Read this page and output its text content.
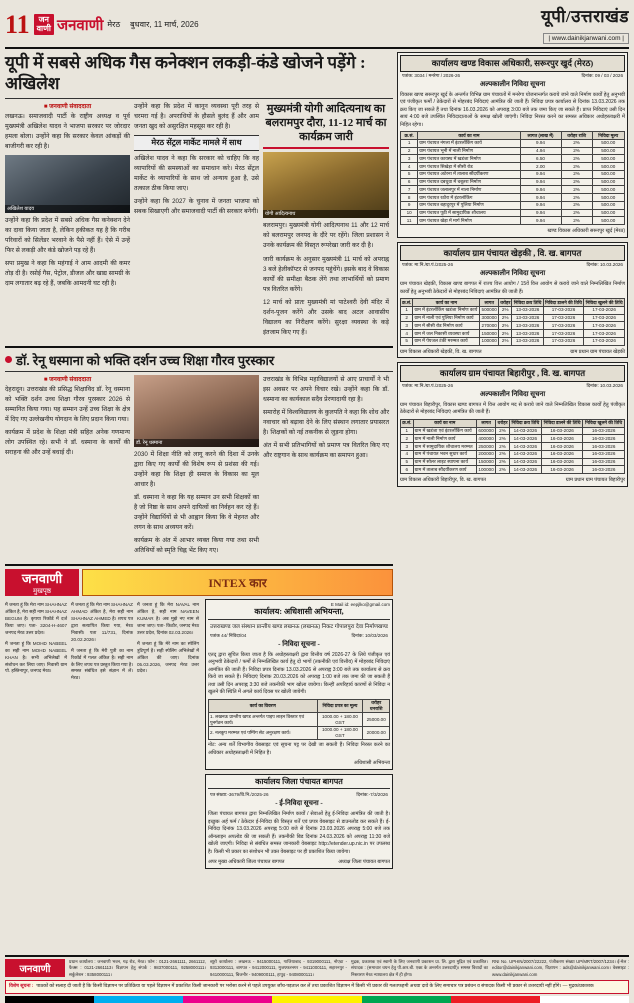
11	जन
वाणी जनवाणी मेरठ बुधवार, 11 मार्च, 2026	यूपी/उत्तराखंड
| www.dainikjanwani.com |
यूपी में सबसे अधिक गैस कनेक्शन लकड़ी-कंडे खोजने पड़ेंगे : अखिलेश
■ जनवाणी संवाददाता

लखनऊ। समाजवादी पार्टी के राष्ट्रीय अध्यक्ष व पूर्व मुख्यमंत्री अखिलेश यादव ने भाजपा सरकार पर जोरदार हमला बोला। उन्होंने कहा कि सरकार केवल आंकड़ों की बाजीगरी कर रही है।

अखिलेश यादव

उन्होंने कहा कि प्रदेश में सबसे अधिक गैस कनेक्शन देने का दावा किया जाता है, लेकिन हकीकत यह है कि गरीब परिवारों को सिलेंडर भरवाने के पैसे नहीं हैं। ऐसे में उन्हें फिर से लकड़ी और कंडे खोजने पड़ रहे हैं।

सपा प्रमुख ने कहा कि महंगाई ने आम आदमी की कमर तोड़ दी है। रसोई गैस, पेट्रोल, डीजल और खाद्य सामग्री के दाम लगातार बढ़ रहे हैं, जबकि आमदनी घट रही है।

उन्होंने कहा कि प्रदेश में कानून व्यवस्था पूरी तरह से चरमरा गई है। अपराधियों के हौसले बुलंद हैं और आम जनता खुद को असुरक्षित महसूस कर रही है।

मेरठ सेंट्रल मार्केट मामले में साथ

अखिलेश यादव ने कहा कि सरकार को चाहिए कि वह व्यापारियों की समस्याओं का समाधान करे। मेरठ सेंट्रल मार्केट के व्यापारियों के साथ जो अन्याय हुआ है, उसे तत्काल ठीक किया जाए।

उन्होंने कहा कि 2027 के चुनाव में जनता भाजपा को सबक सिखाएगी और समाजवादी पार्टी की सरकार बनेगी।

मुख्यमंत्री योगी आदित्यनाथ का बलरामपुर दौरा, 11-12 मार्च का कार्यक्रम जारी
योगी आदित्यनाथ

बलरामपुर। मुख्यमंत्री योगी आदित्यनाथ 11 और 12 मार्च को बलरामपुर जनपद के दौरे पर रहेंगे। जिला प्रशासन ने उनके कार्यक्रम की विस्तृत रूपरेखा जारी कर दी है।

जारी कार्यक्रम के अनुसार मुख्यमंत्री 11 मार्च को अपराह्न 3 बजे हेलीकॉप्टर से जनपद पहुंचेंगे। इसके बाद वे विकास कार्यों की समीक्षा बैठक लेंगे तथा लाभार्थियों को प्रमाण पत्र वितरित करेंगे।

12 मार्च को प्रातः मुख्यमंत्री मां पाटेश्वरी देवी मंदिर में दर्शन-पूजन करेंगे और उसके बाद अटल आवासीय विद्यालय का निरीक्षण करेंगे। सुरक्षा व्यवस्था के कड़े इंतजाम किए गए हैं।

डॉ. रेनू धस्माना को भक्ति दर्शन उच्च शिक्षा गौरव पुरस्कार
■ जनवाणी संवाददाता

देहरादून। उत्तराखंड की प्रसिद्ध शिक्षाविद डॉ. रेनू धस्माना को भक्ति दर्शन उच्च शिक्षा गौरव पुरस्कार 2026 से सम्मानित किया गया। यह सम्मान उन्हें उच्च शिक्षा के क्षेत्र में दिए गए उल्लेखनीय योगदान के लिए प्रदान किया गया।

कार्यक्रम में प्रदेश के शिक्षा मंत्री सहित अनेक गणमान्य लोग उपस्थित रहे। सभी ने डॉ. धस्माना के कार्यों की सराहना की और उन्हें बधाई दी।

डॉ. रेनू धस्माना

2030 में शिक्षा नीति को लागू करने की दिशा में उनके द्वारा किए गए कार्यों की विशेष रूप से प्रशंसा की गई। उन्होंने कहा कि शिक्षा ही समाज के विकास का मूल आधार है।

डॉ. धस्माना ने कहा कि यह सम्मान उन सभी शिक्षकों का है जो निष्ठा के साथ अपने दायित्वों का निर्वहन कर रहे हैं। उन्होंने विद्यार्थियों से भी आह्वान किया कि वे मेहनत और लगन के साथ अध्ययन करें।

कार्यक्रम के अंत में आभार व्यक्त किया गया तथा सभी अतिथियों को स्मृति चिह्न भेंट किए गए।

उत्तराखंड के विभिन्न महाविद्यालयों से आए प्राचार्यों ने भी इस अवसर पर अपने विचार रखे। उन्होंने कहा कि डॉ. धस्माना का कार्यकाल सदैव प्रेरणादायी रहा है।

समारोह में विश्वविद्यालय के कुलपति ने कहा कि शोध और नवाचार को बढ़ावा देने के लिए संस्थान लगातार प्रयासरत है। शिक्षकों को नई तकनीक से जुड़ना होगा।

अंत में सभी प्रतिभागियों को प्रमाण पत्र वितरित किए गए और राष्ट्रगान के साथ कार्यक्रम का समापन हुआ।

जनवाणी
मुखपृष्ठ
INTEX कार
मैं जनता हूं कि मेरा नाम SHAHNAZ अंकित है, मेरा सही नाम SHAHNAZ BEGUM है। कृपया रिकॉर्ड में दर्ज किया जाए। पता- 3204-H-4607 जनपद मेरठ उत्तर प्रदेश।
मैं जनता हूं कि MOHD NABEEL का सही नाम MOHD NABEEL KHAN है। सभी अभिलेखों में संशोधन कर लिया जाए। निवासी ग्राम पो. हस्तिनापुर, जनपद मेरठ।
मैं जनता हूं कि मेरा नाम SHAHNAZ AHMAD अंकित है, मेरा सही नाम SHAHNAZ AHMED है। शपथ पत्र द्वारा सत्यापित किया गया, मेरठ निवासी। पता 11/731, दिनांक 20.02.2026।
मैं जनता हूं कि मेरी पुत्री का नाम रिकॉर्ड में गलत अंकित है। सही नाम के लिए शपथ पत्र प्रस्तुत किया गया है। समस्त संबंधित इसे संज्ञान में लें। मेरठ।
मैं जनता हूं कि मेरा NAVAL नाम अंकित है, सही नाम NAVEEN KUMAR है। अब मुझे नए नाम से जाना जाए। पता- किठौर, जनपद मेरठ उत्तर प्रदेश, दिनांक 02.03.2026।
मैं जनता हूं कि मेरे नाम का स्पेलिंग त्रुटिपूर्ण है। सही स्पेलिंग अभिलेखों में अंकित की जाए। दिनांक 05.03.2026, जनपद मेरठ उत्तर प्रदेश।
E Mail id: eepjlko@gmail.com
कार्यालय: अधिशासी अभियन्ता,
उत्तराखण्ड जल संस्थान प्रान्तीय खण्ड लखनऊ (लखनऊ) निकट गोपालपुरा देवा निर्माणखण्ड
पत्रांक 44/ निविदा/04	दिनांक: 10/03/2026
- निविदा सूचना -
एतद् द्वारा सूचित किया जाता है कि अधोहस्ताक्षरी द्वारा वित्तीय वर्ष 2026-27 के लिये पंजीकृत एवं अनुभवी ठेकेदारों / फर्मों से निम्नलिखित कार्य हेतु दो भागों (तकनीकी एवं वित्तीय) में मोहरबंद निविदाएं आमंत्रित की जाती हैं। निविदा प्रपत्र दिनांक 13.03.2026 से अपराह्न 3:00 बजे तक कार्यालय से क्रय किये जा सकते हैं। निविदाएं दिनांक 20.03.2026 को अपराह्न 1:00 बजे तक जमा की जा सकती हैं तथा उसी दिन अपराह्न 3:30 बजे तकनीकी भाग खोला जायेगा। किन्हीं अपरिहार्य कारणों से निविदा न खुलने की स्थिति में अगले कार्य दिवस पर खोली जायेगी।
कार्य का विवरण	निविदा प्रपत्र का मूल्य	धरोहर धनराशि
1. लखनऊ प्रान्तीय खण्ड अन्तर्गत पाइप लाइन विस्तार एवं पुनर्गठन कार्य।	1000.00 + 180.00 GST	25000.00
2. नलकूप मरम्मत एवं पम्पिंग सेट अनुरक्षण कार्य।	1000.00 + 180.00 GST	20000.00
नोट: अन्य शर्तें विभागीय वेबसाइट एवं सूचना पट्ट पर देखी जा सकती हैं। निविदा निरस्त करने का अधिकार अधोहस्ताक्षरी में निहित है।
अधिशासी अभियन्ता
कार्यालय जिला पंचायत बागपत
पत्र संख्या:-3679/वि.नि./2025-26	दिनांक:-7/3/2026
- ई-निविदा सूचना -
जिला पंचायत बागपत द्वारा निम्नलिखित निर्माण कार्यों / सेवाओं हेतु ई-निविदा आमंत्रित की जाती है। इच्छुक अर्ह फर्म / ठेकेदार ई-निविदा की विस्तृत शर्तें एवं प्रपत्र वेबसाइट से डाउनलोड कर सकते हैं। ई-निविदा दिनांक 13.03.2026 अपराह्न 5:00 बजे से दिनांक 23.03.2026 अपराह्न 5:00 बजे तक ऑनलाइन अपलोड की जा सकती हैं। तकनीकी बिड दिनांक 24.03.2026 को अपराह्न 11:30 बजे खोली जाएगी। निविदा से संबंधित समस्त जानकारी वेबसाइट http://etender.up.nic.in पर उपलब्ध है। किसी भी प्रकार का संशोधन भी उक्त वेबसाइट पर ही प्रकाशित किया जायेगा।
अपर मुख्य अधिकारी जिला पंचायत बागपत	अध्यक्ष जिला पंचायत बागपत
कार्यालय खण्ड विकास अधिकारी, सरूरपुर खुर्द (मेरठ)
पत्रांक: 3034 / मनरेगा / 2026-26	दिनांक: 09 / 03 / 2026
अल्पकालीन निविदा सूचना
विकास खण्ड सरूरपुर खुर्द के अन्तर्गत विभिन्न ग्राम पंचायतों में मनरेगा योजनान्तर्गत कराये जाने वाले निर्माण कार्यों हेतु अनुभवी एवं पंजीकृत फर्मों / ठेकेदारों से मोहरबंद निविदाएं आमंत्रित की जाती हैं। निविदा प्रपत्र कार्यालय से दिनांक 13.03.2026 तक क्रय किए जा सकते हैं तथा दिनांक 16.03.2026 को अपराह्न 3:00 बजे तक जमा किए जा सकते हैं। प्राप्त निविदाएं उसी दिन सायं 4:00 बजे उपस्थित निविदादाताओं के समक्ष खोली जाएंगी। निविदा निरस्त करने का समस्त अधिकार अधोहस्ताक्षरी में निहित रहेगा।
क्र.सं.	कार्य का नाम	लागत (लाख में)	धरोहर राशि	निविदा मूल्य
1	ग्राम पंचायत नंगला में इंटरलॉकिंग कार्य	9.94	2%	500.00
2	ग्राम पंचायत भूनी में नाली निर्माण	4.94	2%	500.00
3	ग्राम पंचायत कायस्थ में खडंजा निर्माण	6.50	2%	500.00
4	ग्राम पंचायत सिखेड़ा में सीसी रोड	2.00	2%	500.00
5	ग्राम पंचायत अटेरना में तालाब सौंदर्यीकरण	9.94	2%	500.00
6	ग्राम पंचायत दबथुवा में चबूतरा निर्माण	9.94	2%	500.00
7	ग्राम पंचायत जलालपुर में नाला निर्माण	9.94	2%	500.00
8	ग्राम पंचायत रठौरा में इंटरलॉकिंग	9.94	2%	500.00
9	ग्राम पंचायत बहादुरपुर में पुलिया निर्माण	9.94	2%	500.00
10	ग्राम पंचायत पूठी में सामुदायिक शौचालय	9.94	2%	500.00
11	ग्राम पंचायत खेड़ा में मार्ग निर्माण	9.94	2%	500.00
खण्ड विकास अधिकारी सरूरपुर खुर्द (मेरठ)
कार्यालय ग्राम पंचायत खेड़की , वि. ख. बागपत
पत्रांक: मा.नि./ग्रा.पं./2025-26	दिनांक: 10.03.2026
अल्पकालीन निविदा सूचना
ग्राम पंचायत खेड़की, विकास खण्ड बागपत में राज्य वित्त आयोग / 15वें वित्त आयोग से कराये जाने वाले निम्नलिखित निर्माण कार्यों हेतु अनुभवी ठेकेदारों से मोहरबंद निविदाएं आमंत्रित की जाती हैं।
क्र.सं.	कार्य का नाम	लागत	धरोहर	निविदा क्रय तिथि	निविदा डालने की तिथि	निविदा खुलने की तिथि
1	ग्राम में इंटरलॉकिंग खडंजा निर्माण कार्य	500000	2%	13-03-2026	17-03-2026	17-03-2026
2	ग्राम में नाली एवं पुलिया निर्माण कार्य	300000	2%	13-03-2026	17-03-2026	17-03-2026
3	ग्राम में सीसी रोड निर्माण कार्य	270000	2%	13-03-2026	17-03-2026	17-03-2026
4	ग्राम में जल निकासी व्यवस्था कार्य	150000	2%	13-03-2026	17-03-2026	17-03-2026
5	ग्राम में पेयजल टंकी मरम्मत कार्य	100000	2%	13-03-2026	17-03-2026	17-03-2026
ग्राम विकास अधिकारी खेड़की, वि. ख. बागपत	ग्राम प्रधान ग्राम पंचायत खेड़की
कार्यालय ग्राम पंचायत बिहारीपुर , वि. ख. बागपत
पत्रांक: मा.नि./ग्रा.पं./2025-26	दिनांक: 10.03.2026
अल्पकालीन निविदा सूचना
ग्राम पंचायत बिहारीपुर, विकास खण्ड बागपत में वित्त आयोग मद से कराये जाने वाले निम्नलिखित विकास कार्यों हेतु पंजीकृत ठेकेदारों से मोहरबंद निविदाएं आमंत्रित की जाती हैं।
क्र.सं.	कार्य का नाम	लागत	धरोहर	निविदा क्रय तिथि	निविदा डालने की तिथि	निविदा खुलने की तिथि
1	ग्राम में खडंजा एवं इंटरलॉकिंग कार्य	600000	2%	14-03-2026	16-03-2026	16-03-2026
2	ग्राम में नाली निर्माण कार्य	400000	2%	14-03-2026	16-03-2026	16-03-2026
3	ग्राम में सामुदायिक शौचालय मरम्मत	250000	2%	14-03-2026	16-03-2026	16-03-2026
4	ग्राम में पंचायत भवन सुधार कार्य	200000	2%	14-03-2026	16-03-2026	16-03-2026
5	ग्राम में सोलर लाइट स्थापना कार्य	150000	2%	14-03-2026	16-03-2026	16-03-2026
6	ग्राम में तालाब सौंदर्यीकरण कार्य	100000	2%	14-03-2026	16-03-2026	16-03-2026
ग्राम विकास अधिकारी बिहारीपुर, वि. ख. बागपत	ग्राम प्रधान ग्राम पंचायत बिहारीपुर
जनवाणी
प्रधान कार्यालय : जनवाणी भवन, गढ़ रोड, मेरठ। फोन : 0121-2661111, 2661112, फैक्स : 0121-2661113। विज्ञापन हेतु संपर्क : 9837000111, 9258000111। सर्कुलेशन : 9358000111।
ब्यूरो कार्यालय : लखनऊ - 9415000111, गाजियाबाद - 9319000111, नोएडा - 9313000111, बागपत - 9412000111, मुजफ्फरनगर - 9411000111, सहारनपुर - 9410000111, बिजनौर - 9409000111, हापुड़ - 9408000111।
मुद्रक, प्रकाशक एवं स्वामी के लिए जनवाणी प्रकाशन प्रा. लि. द्वारा मुद्रित एवं प्रकाशित। संपादक : (समाचार चयन हेतु पी.आर.बी. एक्ट के अन्तर्गत उत्तरदायी)। समस्त विवादों का निस्तारण मेरठ न्यायालय क्षेत्र में ही होगा।
RNI No. UPHIN/2007/22222, पंजीकरण संख्या UP/MRT/2007/1234। ई-मेल : editor@dainikjanwani.com, विज्ञापन : ads@dainikjanwani.com। वेबसाइट : www.dainikjanwani.com
विशेष सूचना : पाठकों को सलाह दी जाती है कि किसी विज्ञापन पर प्रतिक्रिया या पहले विज्ञापन में प्रकाशित किसी जानकारी पर भरोसा करने से पहले उपयुक्त जाँच-पड़ताल कर लें तथा प्रकाशित विज्ञापन में किसी भी प्रकार की गलतफहमी अथवा दावे के लिए समाचार पत्र प्रबंधन व संपादक किसी भी प्रकार से उत्तरदायी नहीं होंगे। — मुद्रक/प्रकाशक
